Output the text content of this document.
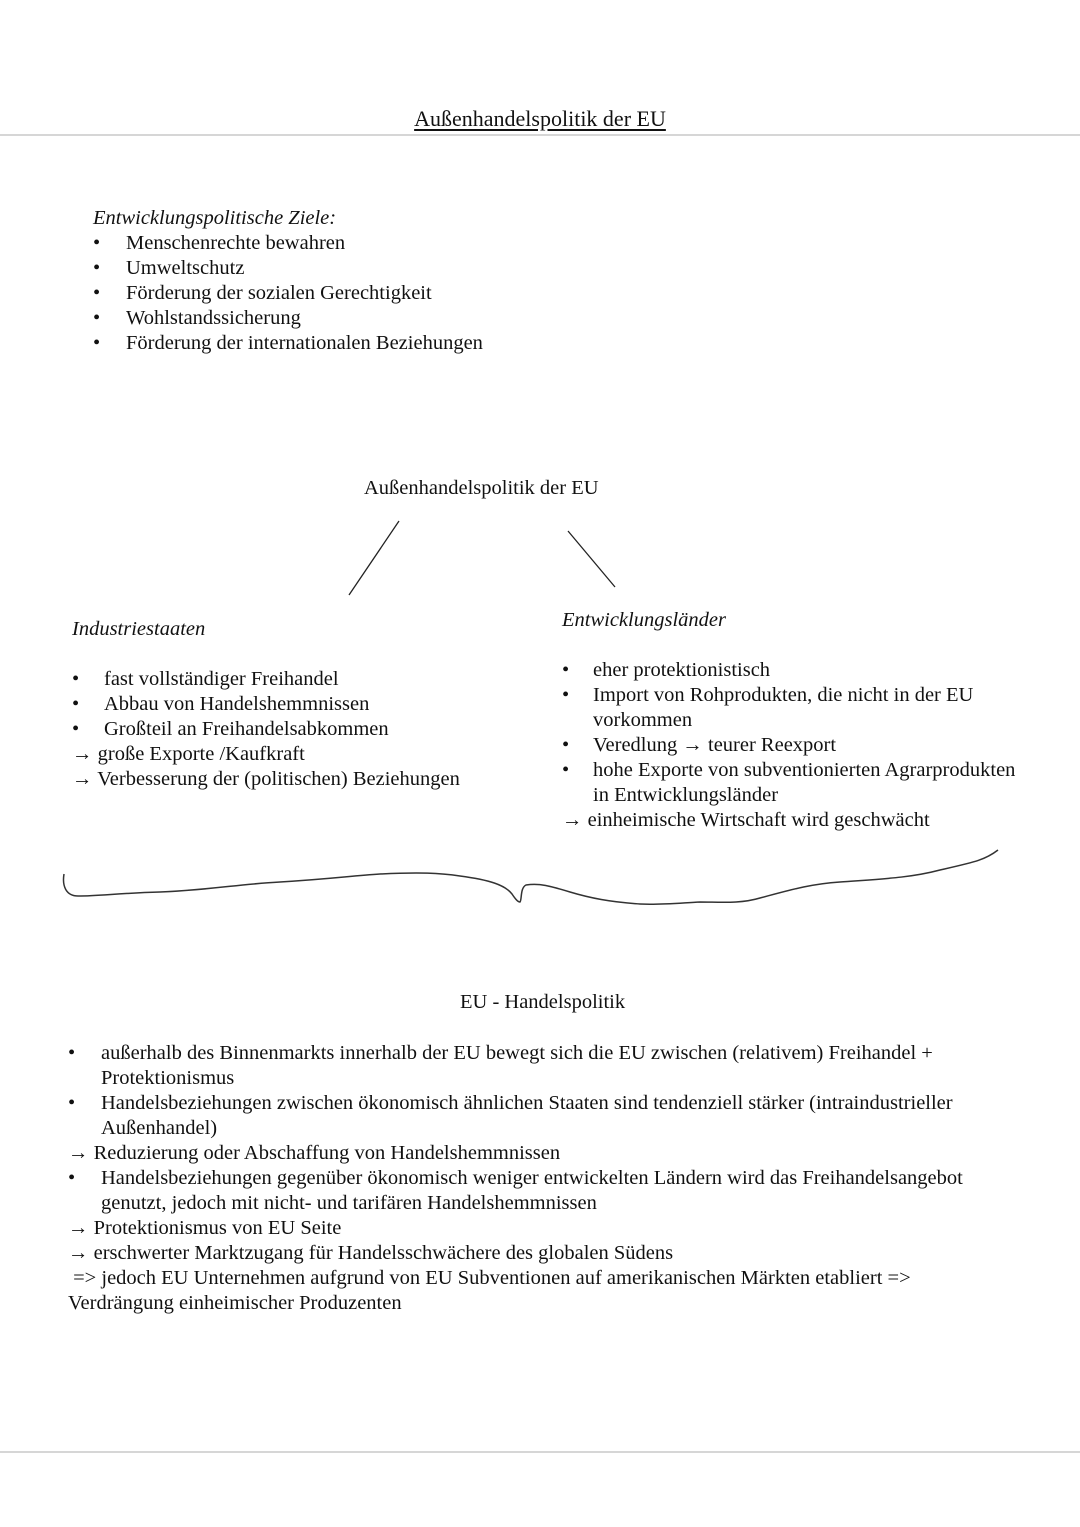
Außenhandelspolitik der EU
Entwicklungspolitische Ziele:
• Menschenrechte bewahren
• Umweltschutz
• Förderung der sozialen Gerechtigkeit
• Wohlstandssicherung
• Förderung der internationalen Beziehungen
Außenhandelspolitik der EU
Industriestaaten
• fast vollständiger Freihandel
• Abbau von Handelshemmnissen
• Großteil an Freihandelsabkommen
→ große Exporte /Kaufkraft
→ Verbesserung der (politischen) Beziehungen
Entwicklungsländer
• eher protektionistisch
• Import von Rohprodukten, die nicht in der EU
vorkommen
• Veredlung → teurer Reexport
• hohe Exporte von subventionierten Agrarprodukten
in Entwicklungsländer
→ einheimische Wirtschaft wird geschwächt
EU - Handelspolitik
• außerhalb des Binnenmarkts innerhalb der EU bewegt sich die EU zwischen (relativem) Freihandel +
Protektionismus
• Handelsbeziehungen zwischen ökonomisch ähnlichen Staaten sind tendenziell stärker (intraindustrieller
Außenhandel)
→ Reduzierung oder Abschaffung von Handelshemmnissen
• Handelsbeziehungen gegenüber ökonomisch weniger entwickelten Ländern wird das Freihandelsangebot
genutzt, jedoch mit nicht- und tarifären Handelshemmnissen
→ Protektionismus von EU Seite
→ erschwerter Marktzugang für Handelsschwächere des globalen Südens
=> jedoch EU Unternehmen aufgrund von EU Subventionen auf amerikanischen Märkten etabliert =>
Verdrängung einheimischer Produzenten
